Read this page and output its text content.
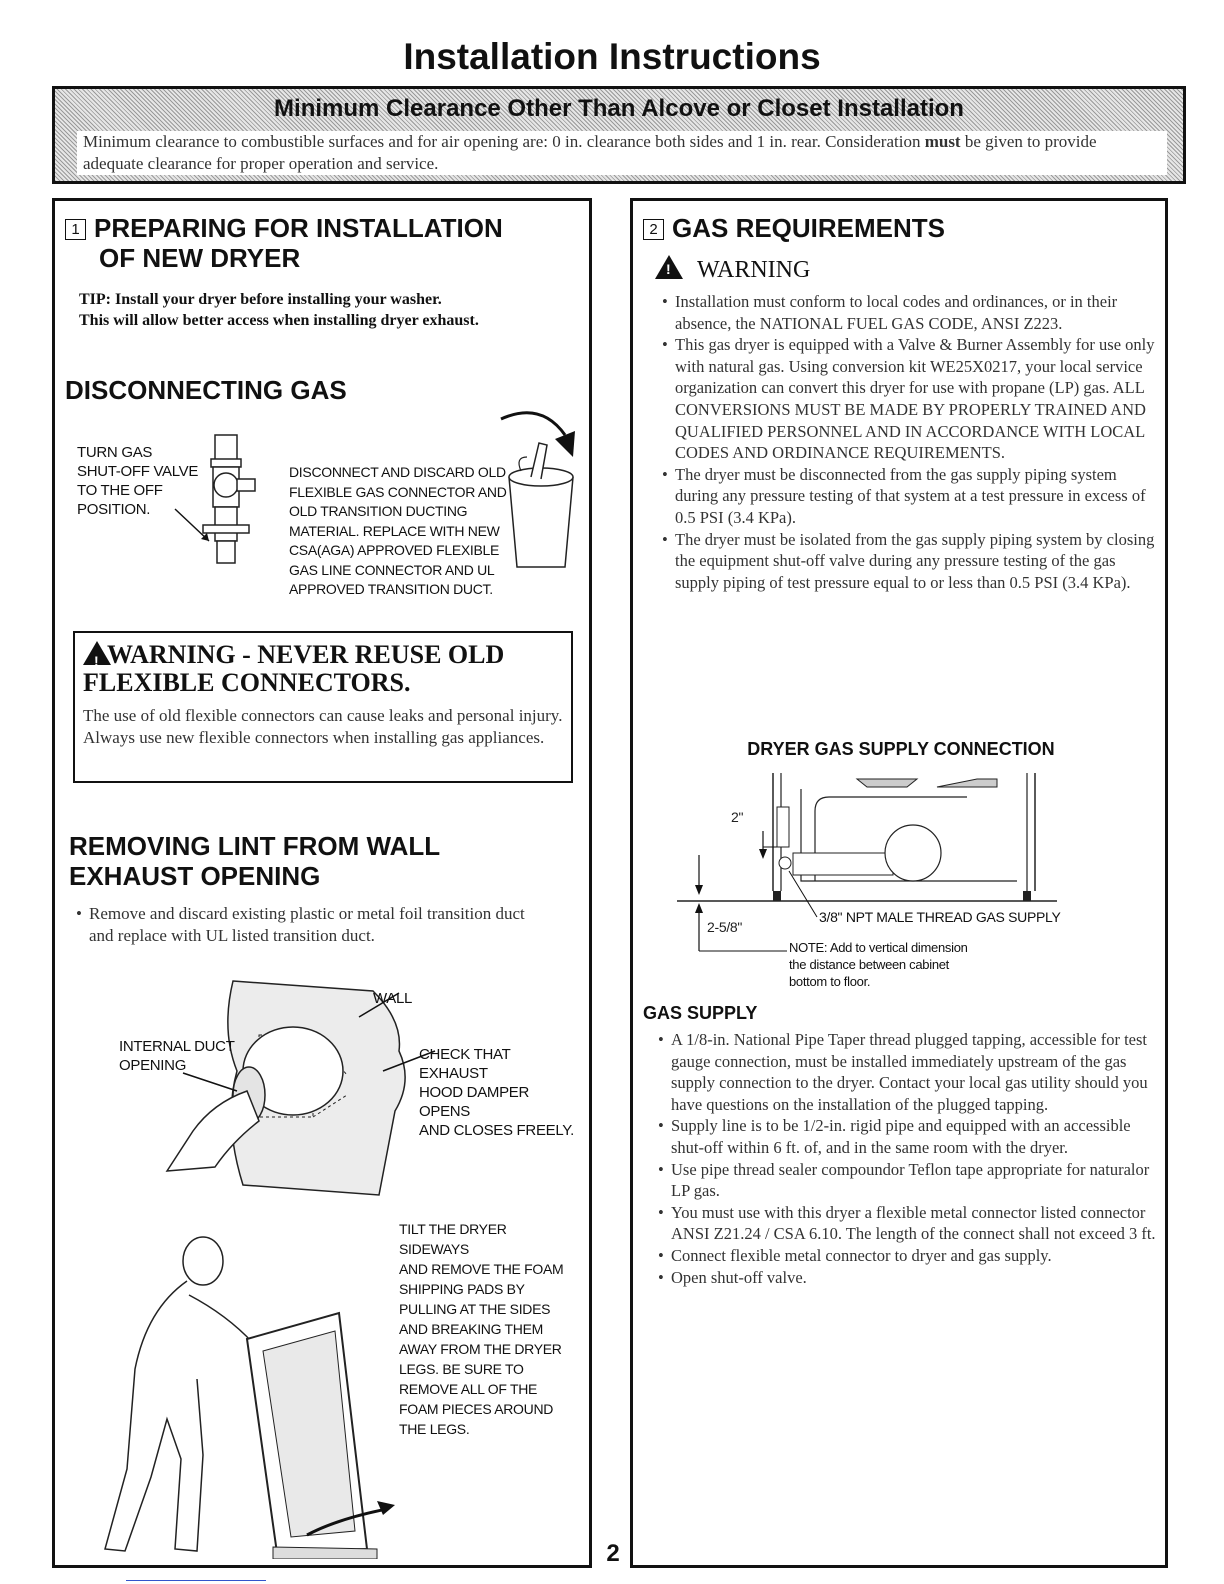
Installation Instructions
Minimum Clearance Other Than Alcove or Closet Installation
Minimum clearance to combustible surfaces and for air opening are: 0 in. clearance both sides and 1 in. rear. Consideration must be given to provide adequate clearance for proper operation and service.
1 PREPARING FOR INSTALLATION
OF NEW DRYER
TIP: Install your dryer before installing your washer.
This will allow better access when installing dryer exhaust.
DISCONNECTING GAS
TURN GAS
SHUT-OFF VALVE
TO THE OFF
POSITION.
DISCONNECT AND DISCARD OLD
FLEXIBLE GAS CONNECTOR AND
OLD TRANSITION DUCTING
MATERIAL. REPLACE WITH NEW
CSA(AGA) APPROVED FLEXIBLE
GAS LINE CONNECTOR AND UL
APPROVED TRANSITION DUCT.
! WARNING - NEVER REUSE OLD
FLEXIBLE CONNECTORS.
The use of old flexible connectors can cause leaks and personal injury. Always use new flexible connectors when installing gas appliances.
REMOVING LINT FROM WALL
EXHAUST OPENING
• Remove and discard existing plastic or metal foil transition duct and replace with UL listed transition duct.
WALL
INTERNAL DUCT
OPENING
CHECK THAT EXHAUST
HOOD DAMPER OPENS
AND CLOSES FREELY.
TILT THE DRYER SIDEWAYS
AND REMOVE THE FOAM
SHIPPING PADS BY
PULLING AT THE SIDES
AND BREAKING THEM
AWAY FROM THE DRYER
LEGS. BE SURE TO
REMOVE ALL OF THE
FOAM PIECES AROUND
THE LEGS.
2 GAS REQUIREMENTS
! WARNING
• Installation must conform to local codes and ordinances, or in their absence, the NATIONAL FUEL GAS CODE, ANSI Z223.
• This gas dryer is equipped with a Valve & Burner Assembly for use only with natural gas. Using conversion kit WE25X0217, your local service organization can convert this dryer for use with propane (LP) gas. ALL CONVERSIONS MUST BE MADE BY PROPERLY TRAINED AND QUALIFIED PERSONNEL AND IN ACCORDANCE WITH LOCAL CODES AND ORDINANCE REQUIREMENTS.
• The dryer must be disconnected from the gas supply piping system during any pressure testing of that system at a test pressure in excess of 0.5 PSI (3.4 KPa).
• The dryer must be isolated from the gas supply piping system by closing the equipment shut-off valve during any pressure testing of the gas supply piping of test pressure equal to or less than 0.5 PSI (3.4 KPa).
DRYER GAS SUPPLY CONNECTION
2"
2-5/8"
3/8" NPT MALE THREAD GAS SUPPLY
NOTE: Add to vertical dimension
the distance between cabinet
bottom to floor.
GAS SUPPLY
• A 1/8-in. National Pipe Taper thread plugged tapping, accessible for test gauge connection, must be installed immediately upstream of the gas supply connection to the dryer. Contact your local gas utility should you have questions on the installation of the plugged tapping.
• Supply line is to be 1/2-in. rigid pipe and equipped with an accessible shut-off within 6 ft. of, and in the same room with the dryer.
• Use pipe thread sealer compoundor Teflon tape appropriate for naturalor LP gas.
• You must use with this dryer a flexible metal connector listed connector ANSI Z21.24 / CSA 6.10. The length of the connect shall not exceed 3 ft.
• Connect flexible metal connector to dryer and gas supply.
• Open shut-off valve.
2
